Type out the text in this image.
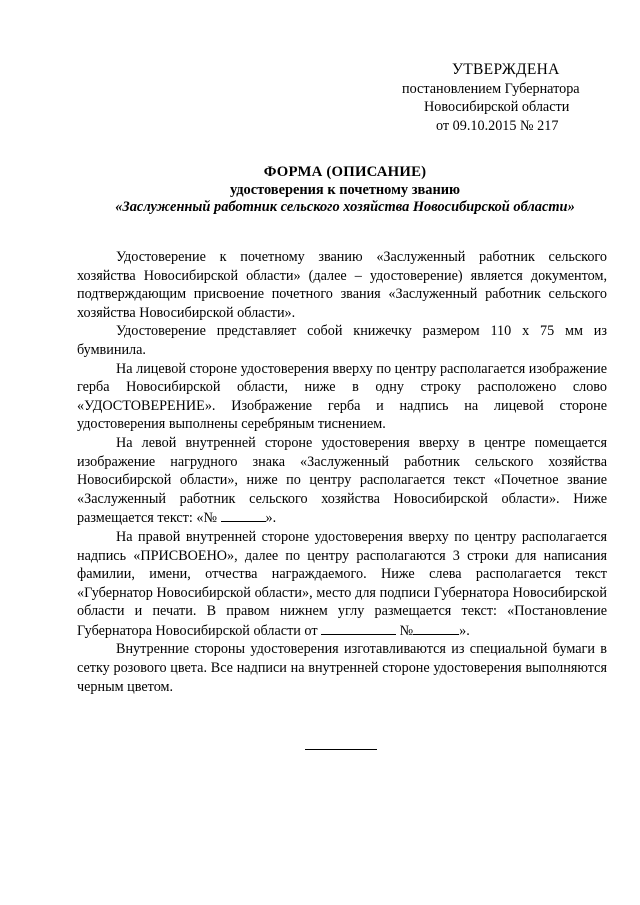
УТВЕРЖДЕНА
постановлением Губернатора
Новосибирской области
от 09.10.2015 № 217
ФОРМА (ОПИСАНИЕ)
удостоверения к почетному званию
«Заслуженный работник сельского хозяйства Новосибирской области»

Удостоверение к почетному званию «Заслуженный работник сельского хозяйства Новосибирской области» (далее – удостоверение) является документом, подтверждающим присвоение почетного звания «Заслуженный работник сельского хозяйства Новосибирской области».

Удостоверение представляет собой книжечку размером 110 x 75 мм из бумвинила.

На лицевой стороне удостоверения вверху по центру располагается изображение герба Новосибирской области, ниже в одну строку расположено слово «УДОСТОВЕРЕНИЕ». Изображение герба и надпись на лицевой стороне удостоверения выполнены серебряным тиснением.

На левой внутренней стороне удостоверения вверху в центре помещается изображение нагрудного знака «Заслуженный работник сельского хозяйства Новосибирской области», ниже по центру располагается текст «Почетное звание «Заслуженный работник сельского хозяйства Новосибирской области». Ниже размещается текст: «№	».

На правой внутренней стороне удостоверения вверху по центру располагается надпись «ПРИСВОЕНО», далее по центру располагаются 3 строки для написания фамилии, имени, отчества награждаемого. Ниже слева располагается текст «Губернатор Новосибирской области», место для подписи Губернатора Новосибирской области и печати. В правом нижнем углу размещается текст: «Постановление Губернатора Новосибирской области от	№	».

Внутренние стороны удостоверения изготавливаются из специальной бумаги в сетку розового цвета. Все надписи на внутренней стороне удостоверения выполняются черным цветом.
